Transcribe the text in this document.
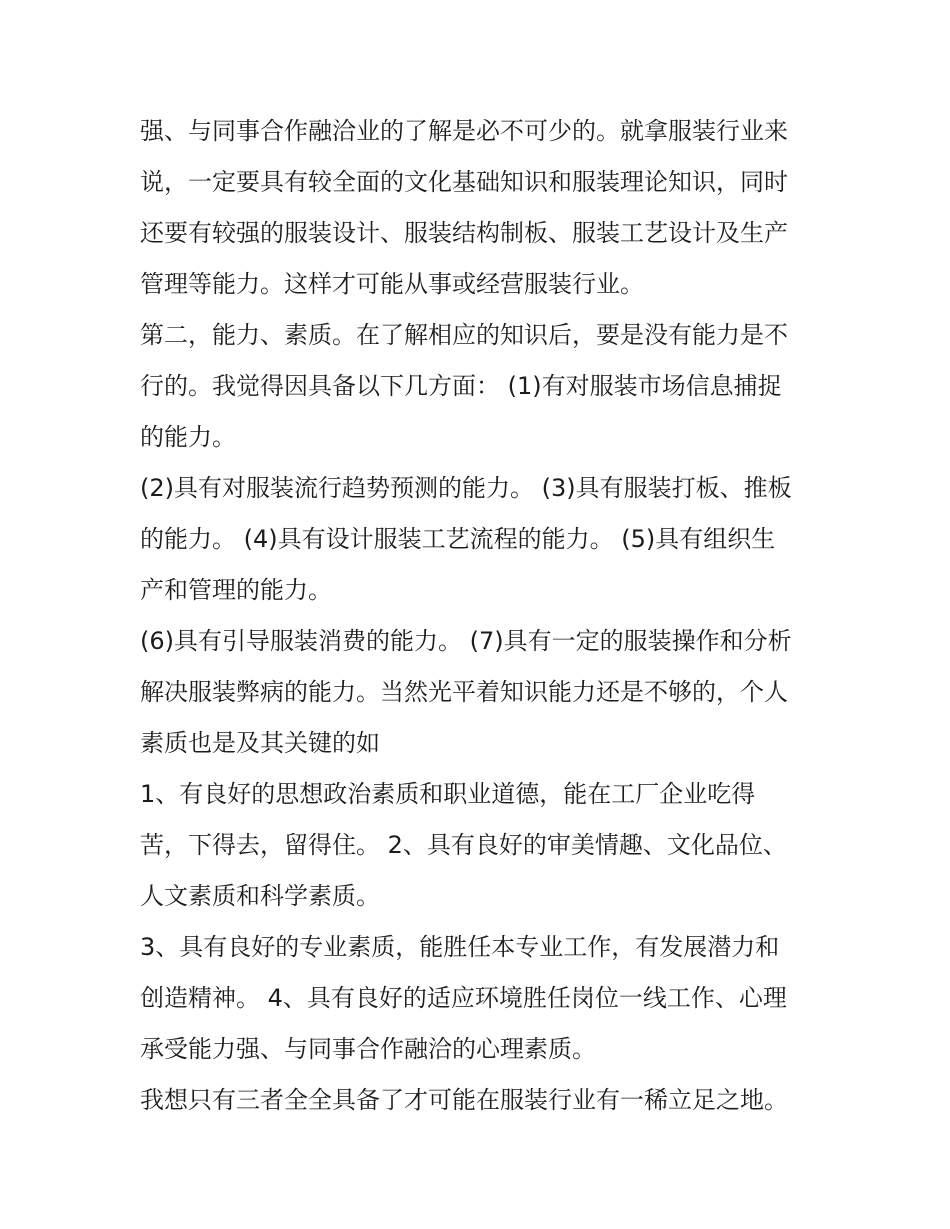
强、与同事合作融洽业的了解是必不可少的。就拿服装行业来
说，一定要具有较全面的文化基础知识和服装理论知识，同时
还要有较强的服装设计、服装结构制板、服装工艺设计及生产
管理等能力。这样才可能从事或经营服装行业。
第二，能力、素质。在了解相应的知识后，要是没有能力是不
行的。我觉得因具备以下几方面： (1)有对服装市场信息捕捉
的能力。
(2)具有对服装流行趋势预测的能力。 (3)具有服装打板、推板
的能力。 (4)具有设计服装工艺流程的能力。 (5)具有组织生
产和管理的能力。
(6)具有引导服装消费的能力。 (7)具有一定的服装操作和分析
解决服装弊病的能力。当然光平着知识能力还是不够的，个人
素质也是及其关键的如
1、有良好的思想政治素质和职业道德，能在工厂企业吃得
苦，下得去，留得住。 2、具有良好的审美情趣、文化品位、
人文素质和科学素质。
3、具有良好的专业素质，能胜任本专业工作，有发展潜力和
创造精神。 4、具有良好的适应环境胜任岗位一线工作、心理
承受能力强、与同事合作融洽的心理素质。
我想只有三者全全具备了才可能在服装行业有一稀立足之地。
